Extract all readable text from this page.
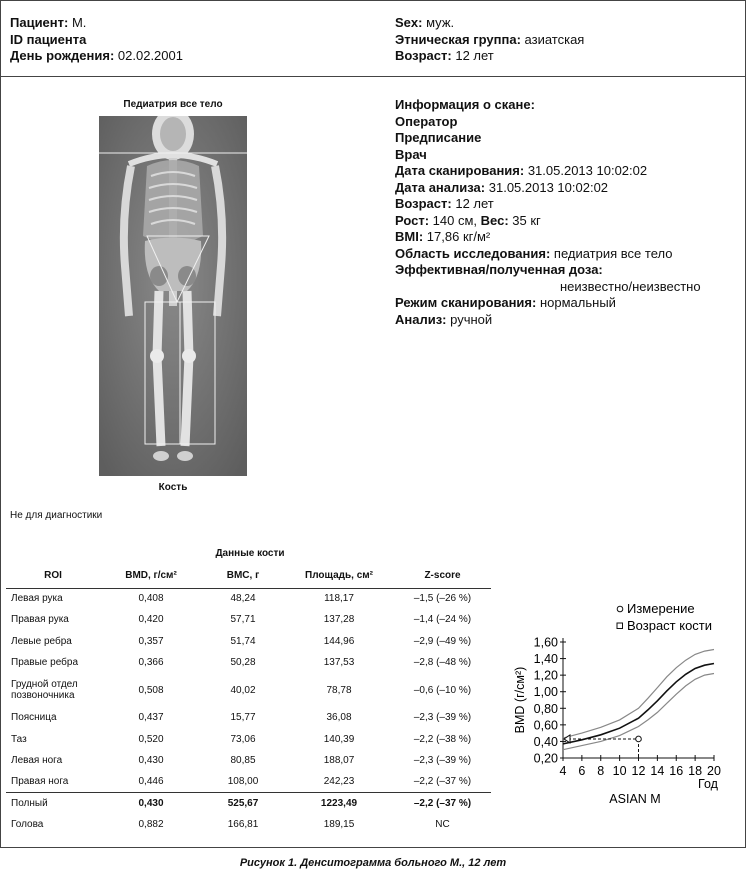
Пациент: М.
ID пациента
День рождения: 02.02.2001
Sex: муж.
Этническая группа: азиатская
Возраст: 12 лет
Педиатрия все тело
Кость
Информация о скане:
Оператор
Предписание
Врач
Дата сканирования: 31.05.2013 10:02:02
Дата анализа: 31.05.2013 10:02:02
Возраст: 12 лет
Рост: 140 см, Вес: 35 кг
BMI: 17,86 кг/м²
Область исследования: педиатрия все тело
Эффективная/полученная доза:
неизвестно/неизвестно
Режим сканирования: нормальный
Анализ: ручной
Не для диагностики
Данные кости
ROI	BMD, г/см²	BMC, г	Площадь, см²	Z-score
Левая рука	0,408	48,24	118,17	–1,5 (–26 %)
Правая рука	0,420	57,71	137,28	–1,4 (–24 %)
Левые ребра	0,357	51,74	144,96	–2,9 (–49 %)
Правые ребра	0,366	50,28	137,53	–2,8 (–48 %)
Грудной отдел позвоночника	0,508	40,02	78,78	–0,6 (–10 %)
Поясница	0,437	15,77	36,08	–2,3 (–39 %)
Таз	0,520	73,06	140,39	–2,2 (–38 %)
Левая нога	0,430	80,85	188,07	–2,3 (–39 %)
Правая нога	0,446	108,00	242,23	–2,2 (–37 %)
Полный	0,430	525,67	1223,49	–2,2 (–37 %)
Голова	0,882	166,81	189,15	NC
Измерение
Возраст кости
0,20
0,40
0,60
0,80
1,00
1,20
1,40
1,60
4 6 8 10 12 14 16 18 20
Год
BMD (г/см²)
ASIAN M
Рисунок 1. Денситограмма больного М., 12 лет
